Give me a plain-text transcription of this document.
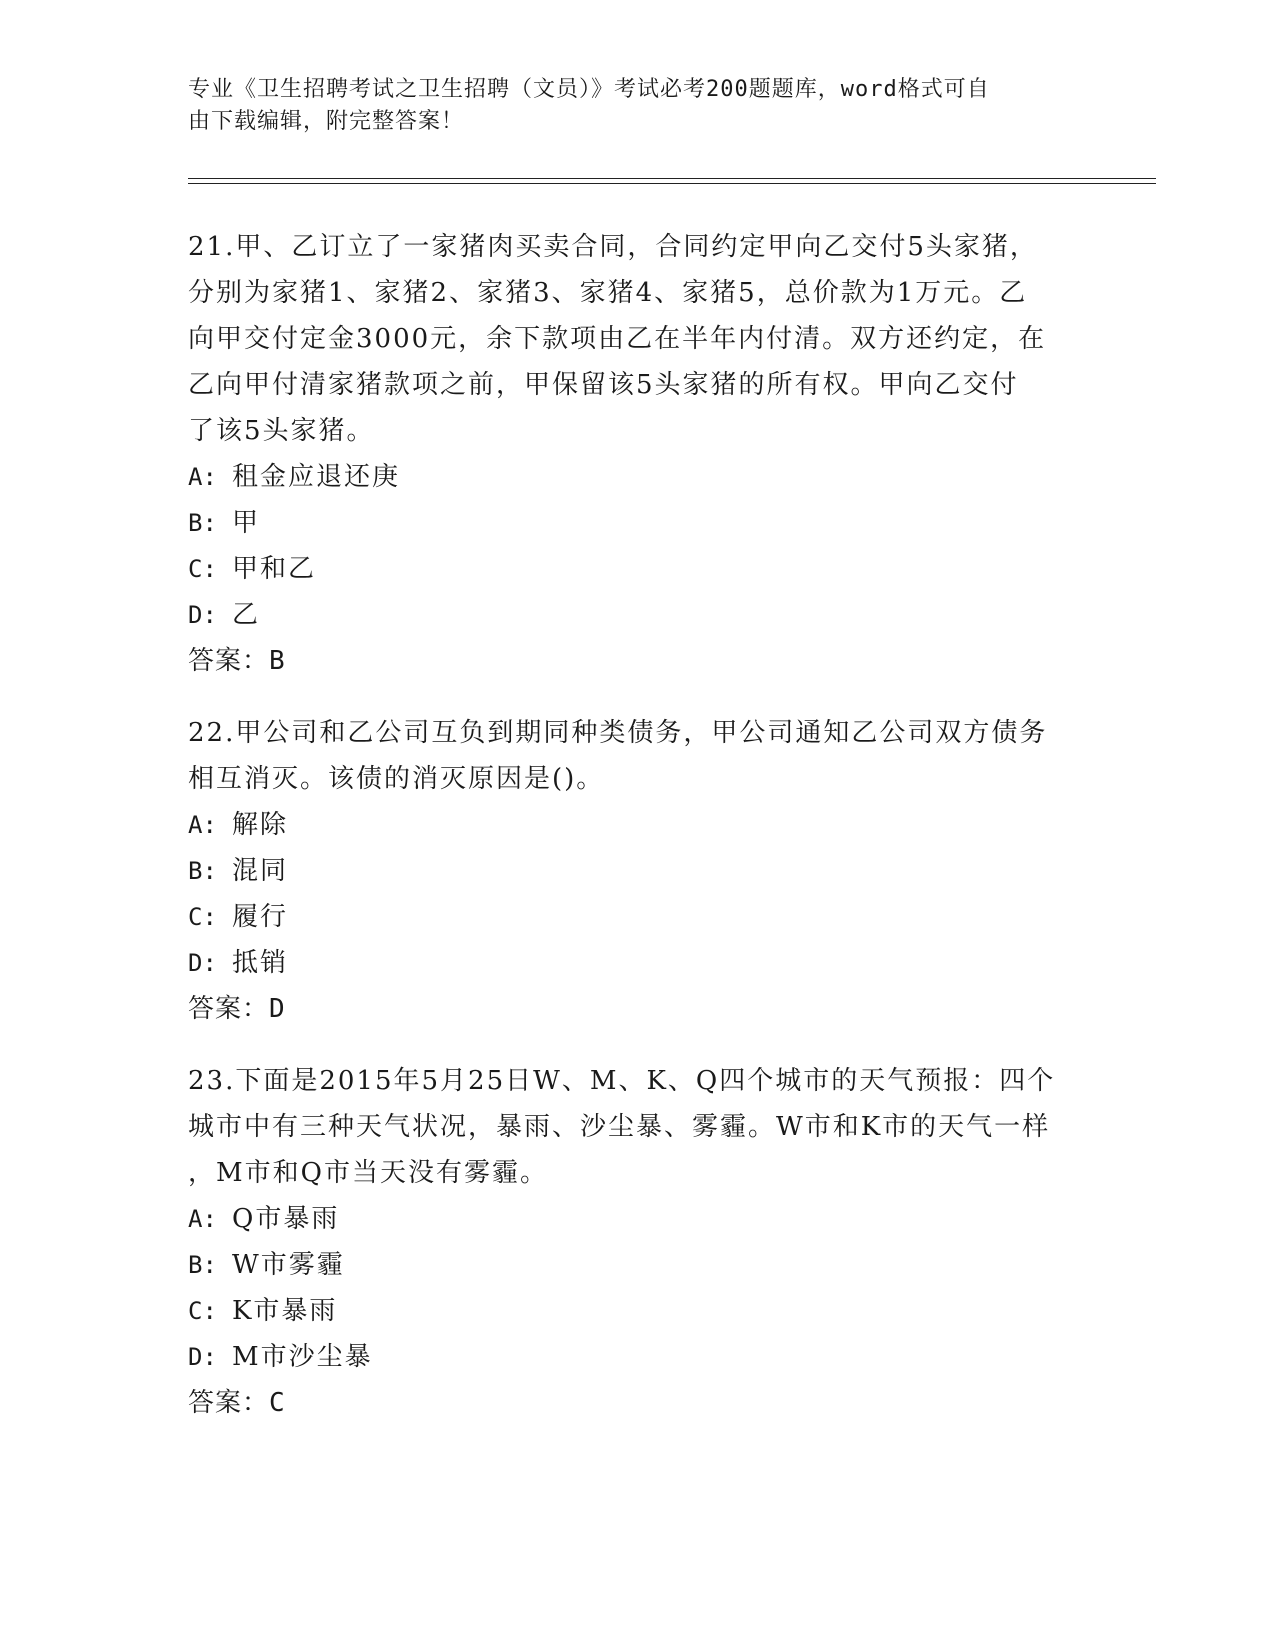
专业《卫生招聘考试之卫生招聘（文员）》考试必考200题题库，word格式可自
由下载编辑，附完整答案！
21.甲、乙订立了一家猪肉买卖合同，合同约定甲向乙交付5头家猪，
分别为家猪1、家猪2、家猪3、家猪4、家猪5，总价款为1万元。乙
向甲交付定金3000元，余下款项由乙在半年内付清。双方还约定，在
乙向甲付清家猪款项之前，甲保留该5头家猪的所有权。甲向乙交付
了该5头家猪。
A: 租金应退还庚
B: 甲
C: 甲和乙
D: 乙
答案：B
22.甲公司和乙公司互负到期同种类债务，甲公司通知乙公司双方债务
相互消灭。该债的消灭原因是()。
A: 解除
B: 混同
C: 履行
D: 抵销
答案：D
23.下面是2015年5月25日W、M、K、Q四个城市的天气预报：四个
城市中有三种天气状况，暴雨、沙尘暴、雾霾。W市和K市的天气一样
，M市和Q市当天没有雾霾。
A: Q市暴雨
B: W市雾霾
C: K市暴雨
D: M市沙尘暴
答案：C
